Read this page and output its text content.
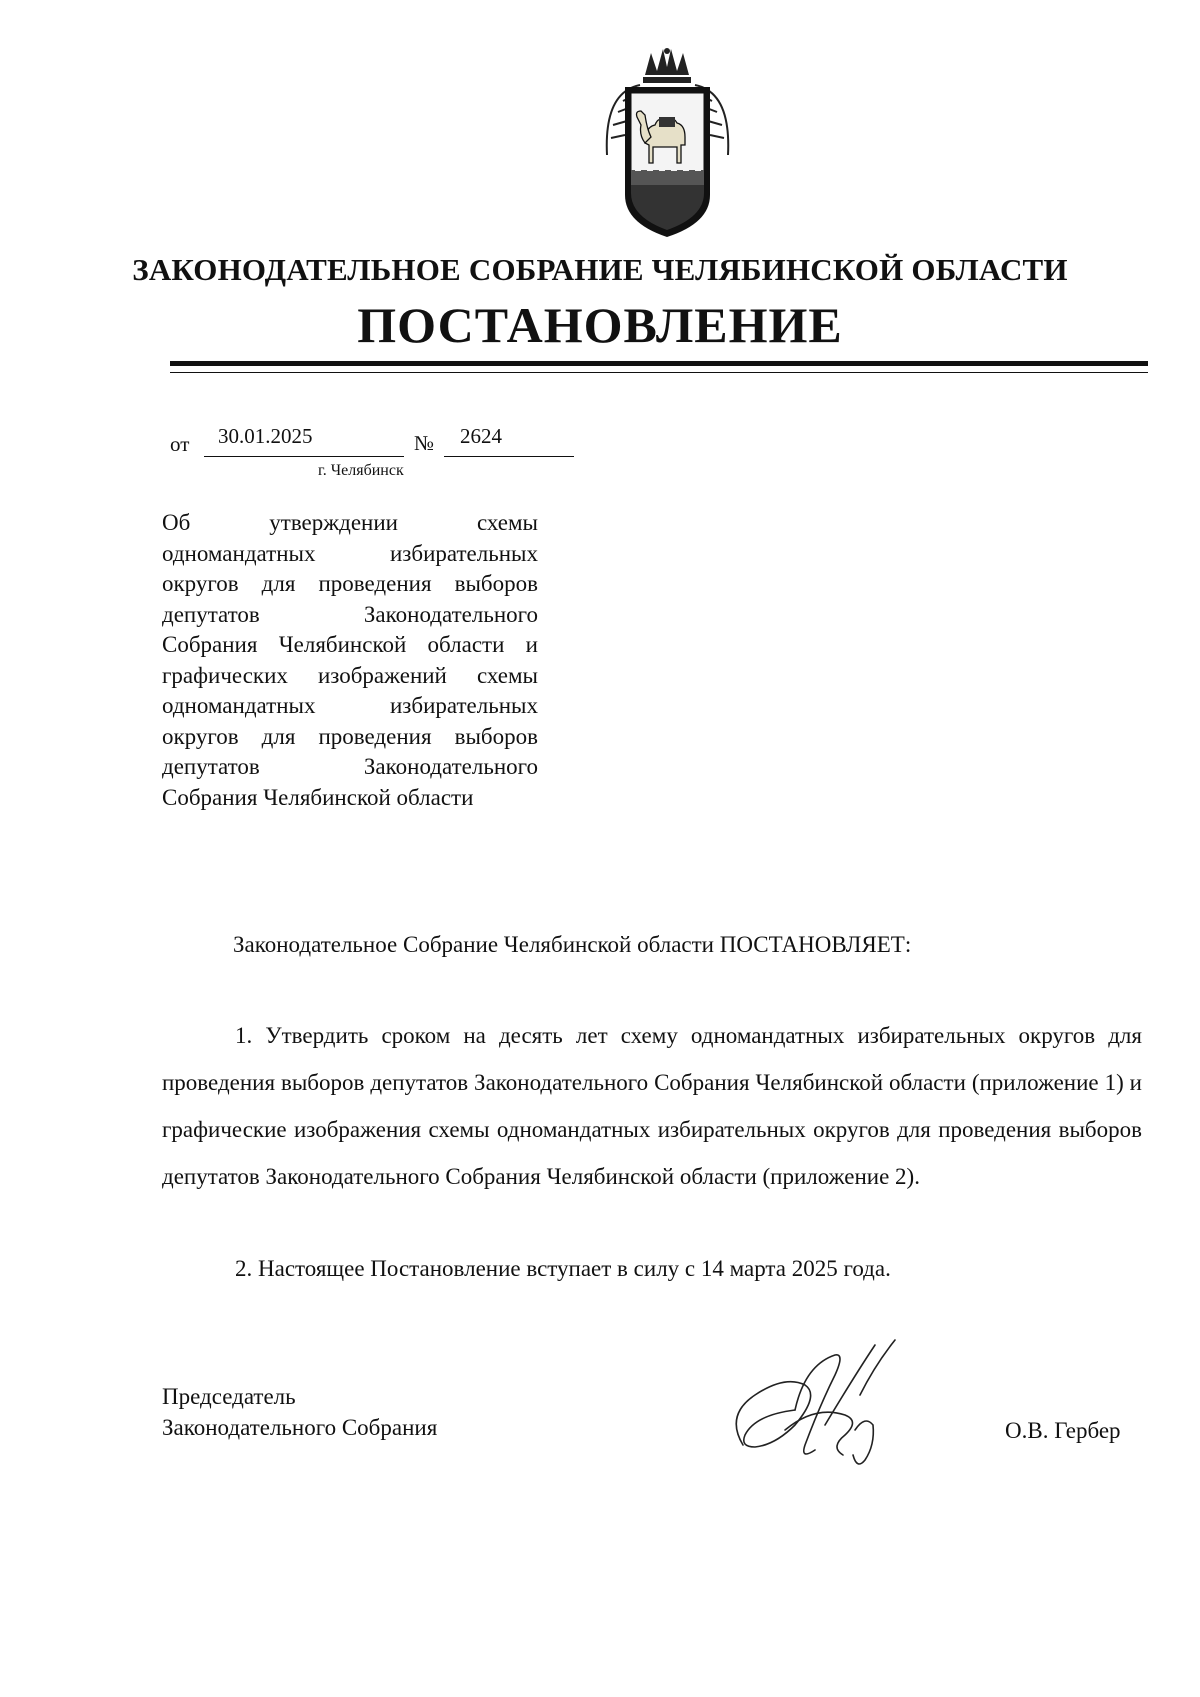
ЗАКОНОДАТЕЛЬНОЕ СОБРАНИЕ ЧЕЛЯБИНСКОЙ ОБЛАСТИ
ПОСТАНОВЛЕНИЕ
от 30.01.2025	№ 2624
г. Челябинск
Об утверждении схемы одномандатных избирательных округов для проведения выборов депутатов Законодательного Собрания Челябинской области и графических изображений схемы одномандатных избирательных округов для проведения выборов депутатов Законодательного Собрания Челябинской области
Законодательное Собрание Челябинской области ПОСТАНОВЛЯЕТ:
1. Утвердить сроком на десять лет схему одномандатных избирательных округов для проведения выборов депутатов Законодательного Собрания Челябинской области (приложение 1) и графические изображения схемы одномандатных избирательных округов для проведения выборов депутатов Законодательного Собрания Челябинской области (приложение 2).
2. Настоящее Постановление вступает в силу с 14 марта 2025 года.
Председатель
Законодательного Собрания	О.В. Гербер
